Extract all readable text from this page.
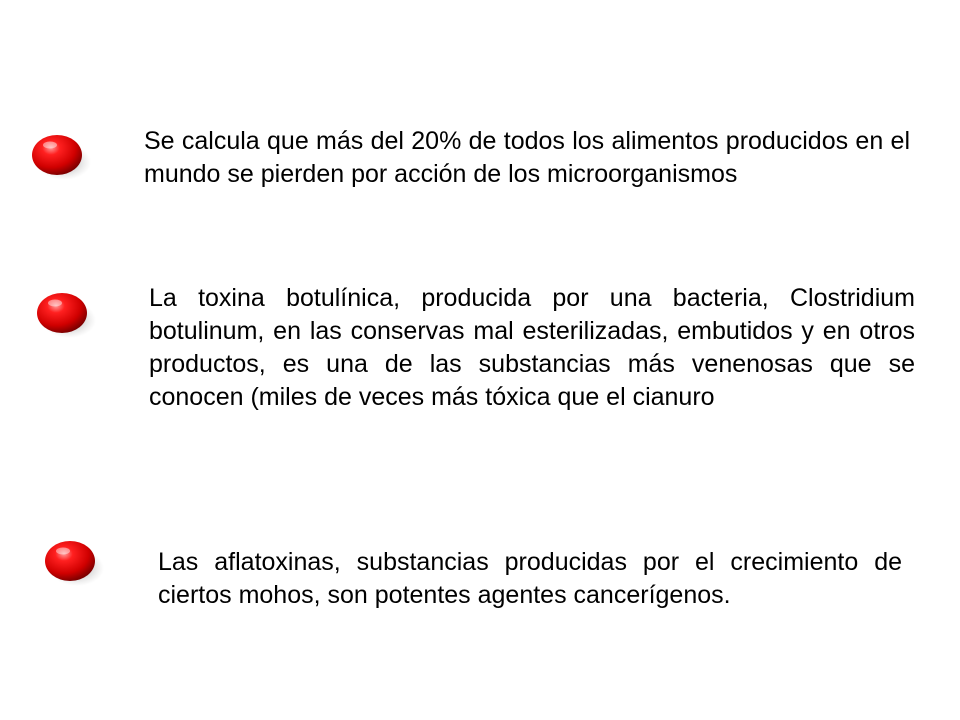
Se calcula que más del 20% de todos los alimentos producidos en el mundo se pierden por acción de los microorganismos

La toxina botulínica, producida por una bacteria, Clostridium botulinum, en las conservas mal esterilizadas, embutidos y en otros productos, es una de las substancias más venenosas que se conocen (miles de veces más tóxica que el cianuro

Las aflatoxinas, substancias producidas por el crecimiento de ciertos mohos, son potentes agentes cancerígenos.
